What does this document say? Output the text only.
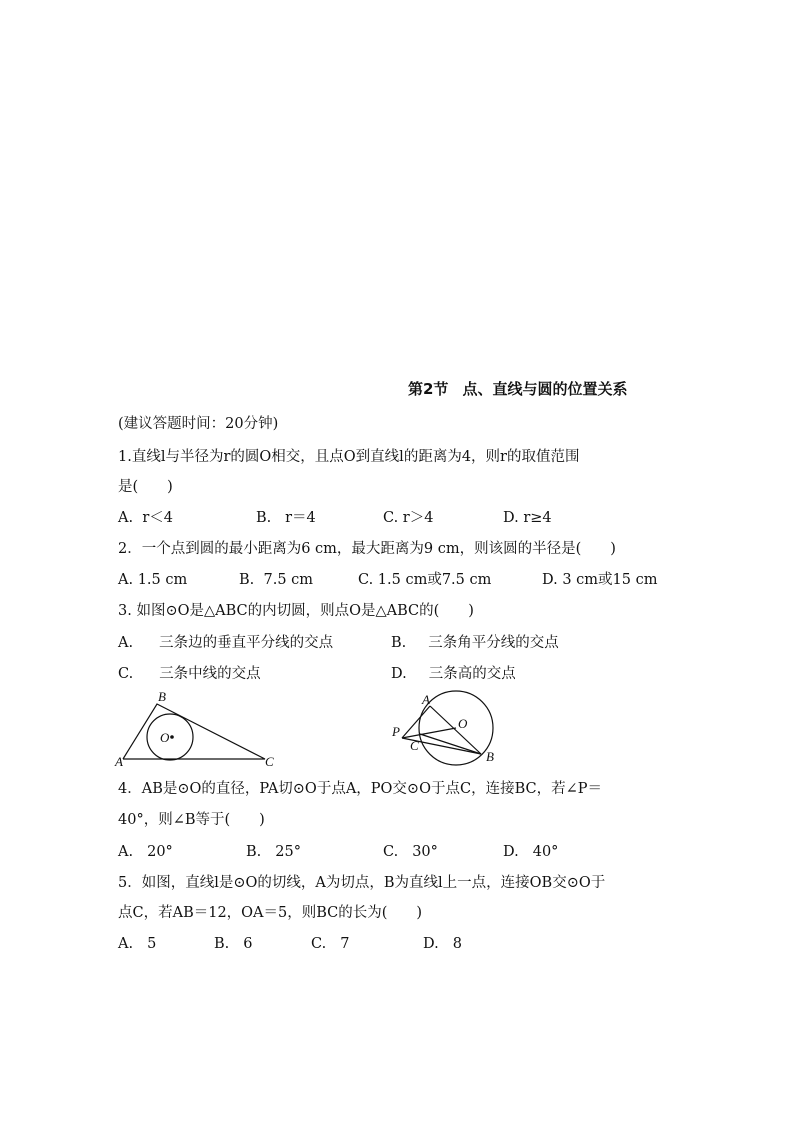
第2节 点、直线与圆的位置关系
(建议答题时间：20分钟)
1.直线l与半径为r的圆O相交，且点O到直线l的距离为4，则r的取值范围
是(　　)
A. r＜4	B. r＝4	C. r＞4	D. r≥4
2．一个点到圆的最小距离为6 cm，最大距离为9 cm，则该圆的半径是(　　)
A. 1.5 cm	B. 7.5 cm	C. 1.5 cm或7.5 cm	D. 3 cm或15 cm
3. 如图⊙O是△ABC的内切圆，则点O是△ABC的(　　)
A. 三条边的垂直平分线的交点	B. 三条角平分线的交点
C. 三条中线的交点	D. 三条高的交点
B
A	C
O
A
P
C
O
B
4．AB是⊙O的直径，PA切⊙O于点A，PO交⊙O于点C，连接BC，若∠P＝
40°，则∠B等于(　　)
A. 20°	B. 25°	C. 30°	D. 40°
5．如图，直线l是⊙O的切线，A为切点，B为直线l上一点，连接OB交⊙O于
点C，若AB＝12，OA＝5，则BC的长为(　　)
A. 5	B. 6	C. 7	D. 8
